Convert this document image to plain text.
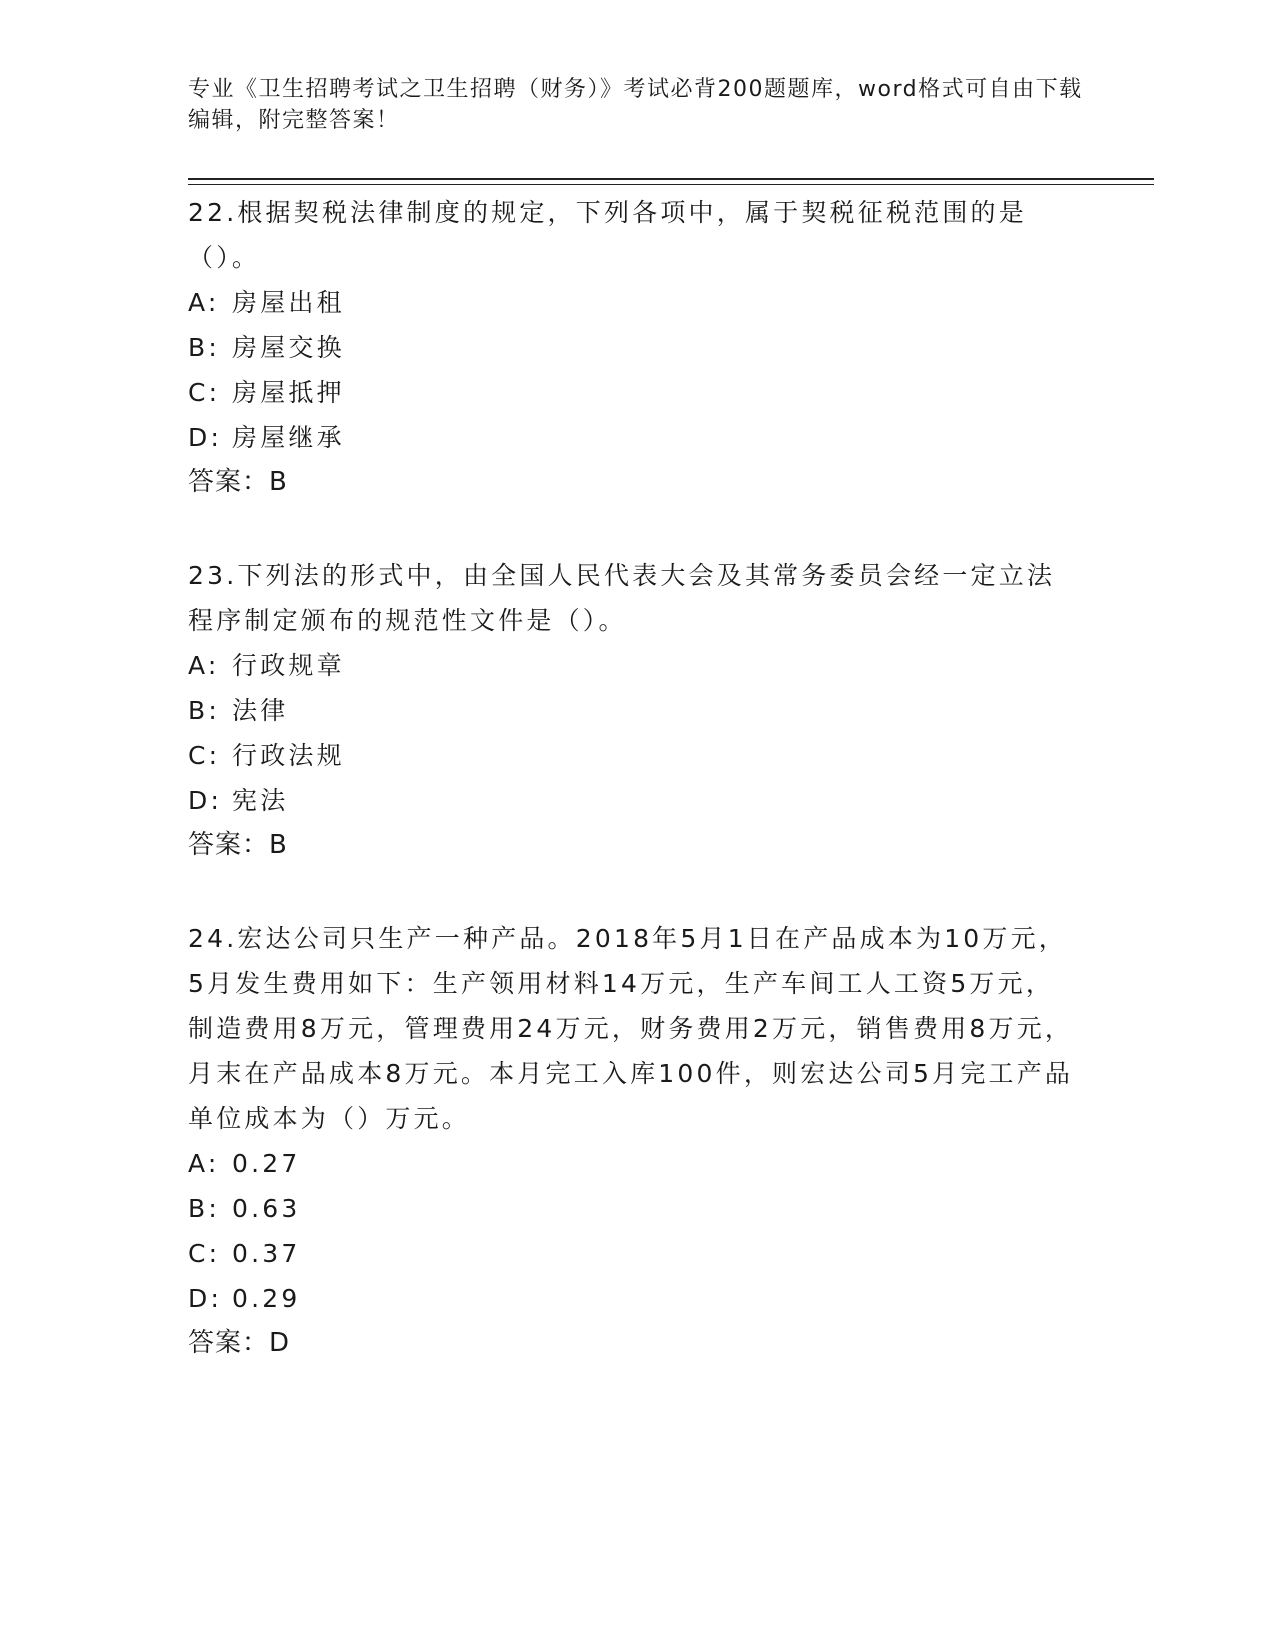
专业《卫生招聘考试之卫生招聘（财务）》考试必背200题题库，word格式可自由下载编辑，附完整答案！

22.根据契税法律制度的规定，下列各项中，属于契税征税范围的是（）。

A: 房屋出租
B: 房屋交换
C: 房屋抵押
D: 房屋继承
答案：B

23.下列法的形式中，由全国人民代表大会及其常务委员会经一定立法程序制定颁布的规范性文件是（）。

A: 行政规章
B: 法律
C: 行政法规
D: 宪法
答案：B

24.宏达公司只生产一种产品。2018年5月1日在产品成本为10万元，5月发生费用如下：生产领用材料14万元，生产车间工人工资5万元，制造费用8万元，管理费用24万元，财务费用2万元，销售费用8万元，月末在产品成本8万元。本月完工入库100件，则宏达公司5月完工产品单位成本为（）万元。

A: 0.27
B: 0.63
C: 0.37
D: 0.29
答案：D
